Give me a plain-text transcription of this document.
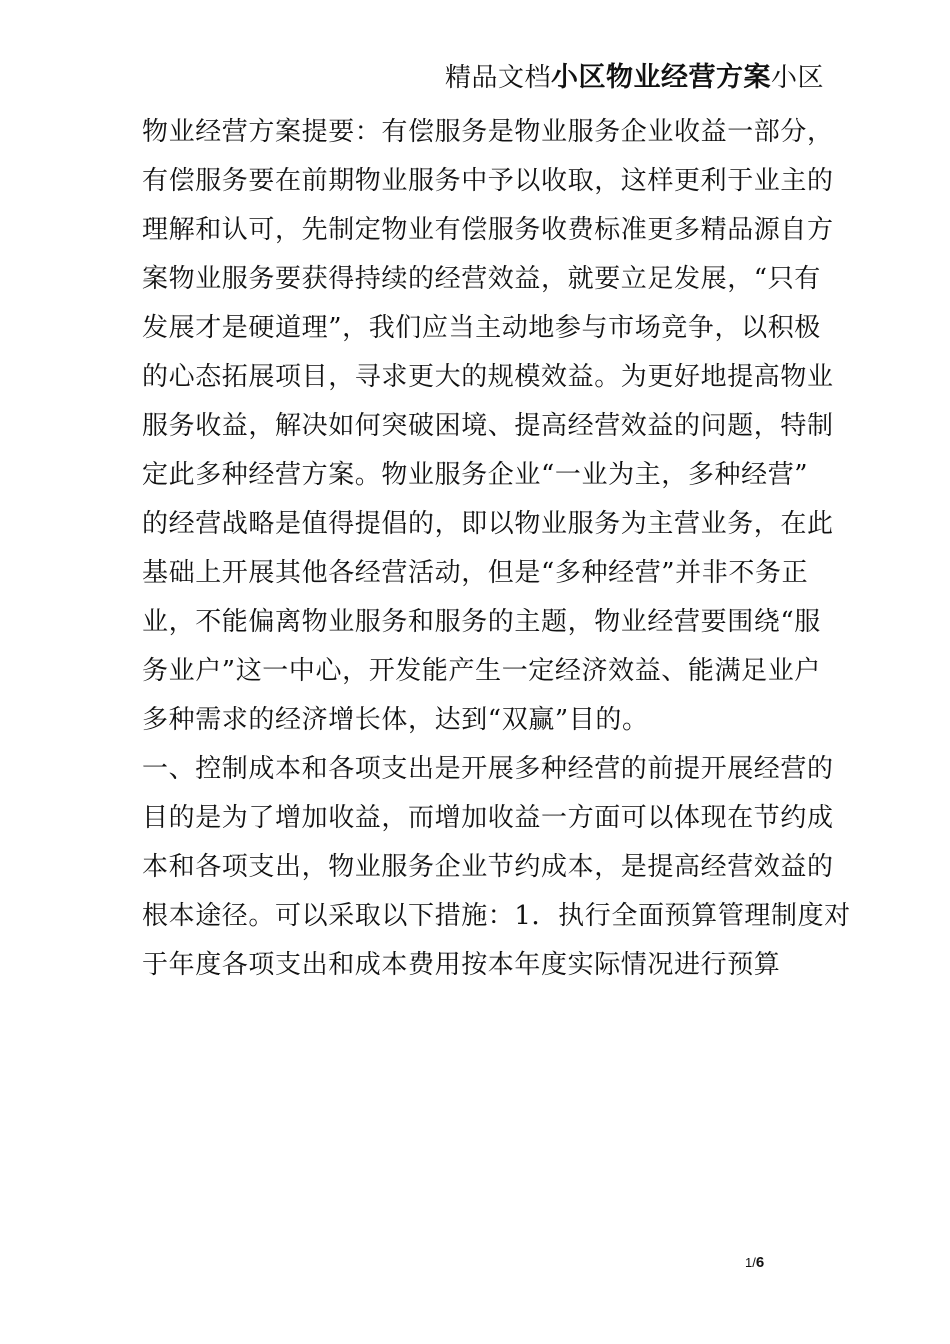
精品文档小区物业经营方案小区
物业经营方案提要：有偿服务是物业服务企业收益一部分，
有偿服务要在前期物业服务中予以收取，这样更利于业主的
理解和认可，先制定物业有偿服务收费标准更多精品源自方
案物业服务要获得持续的经营效益，就要立足发展，“只有
发展才是硬道理”，我们应当主动地参与市场竞争，以积极
的心态拓展项目，寻求更大的规模效益。为更好地提高物业
服务收益，解决如何突破困境、提高经营效益的问题，特制
定此多种经营方案。物业服务企业“一业为主，多种经营”
的经营战略是值得提倡的，即以物业服务为主营业务，在此
基础上开展其他各经营活动，但是“多种经营”并非不务正
业，不能偏离物业服务和服务的主题，物业经营要围绕“服
务业户”这一中心，开发能产生一定经济效益、能满足业户
多种需求的经济增长体，达到“双赢”目的。
一、控制成本和各项支出是开展多种经营的前提开展经营的
目的是为了增加收益，而增加收益一方面可以体现在节约成
本和各项支出，物业服务企业节约成本，是提高经营效益的
根本途径。可以采取以下措施：1．执行全面预算管理制度对
于年度各项支出和成本费用按本年度实际情况进行预算
1/6
